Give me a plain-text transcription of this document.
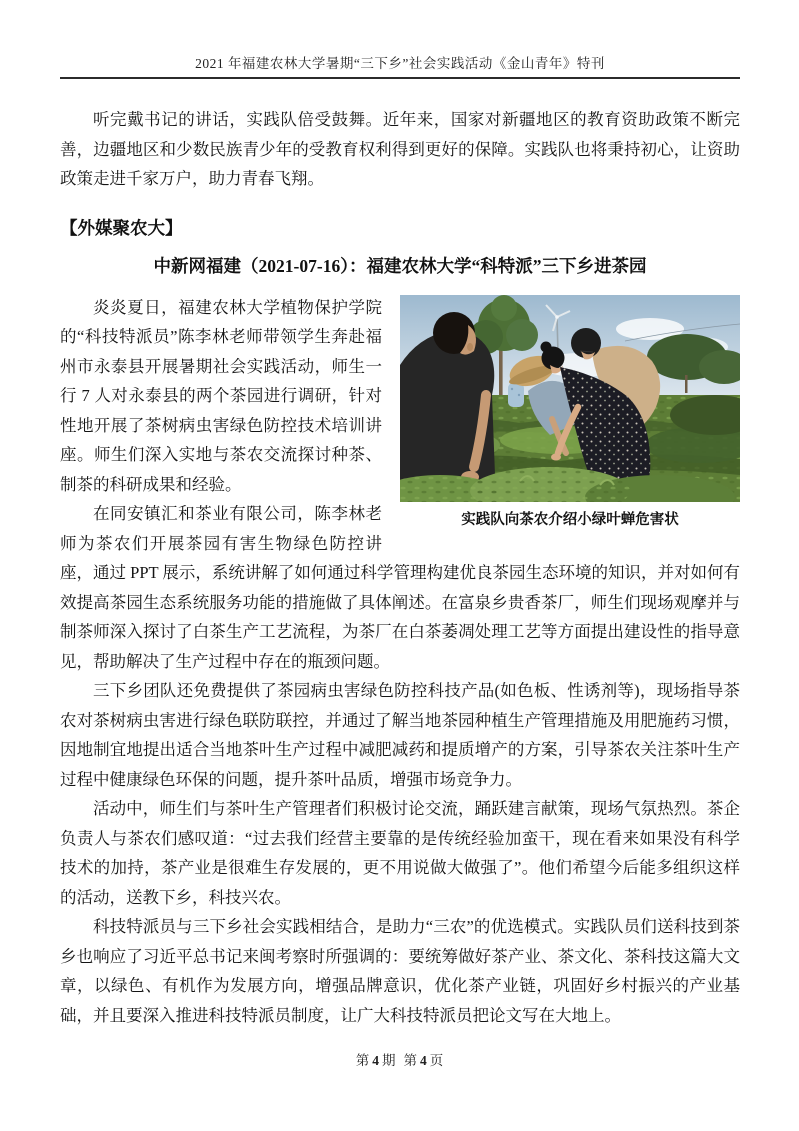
2021 年福建农林大学暑期“三下乡”社会实践活动《金山青年》特刊

听完戴书记的讲话，实践队倍受鼓舞。近年来，国家对新疆地区的教育资助政策不断完善，边疆地区和少数民族青少年的受教育权利得到更好的保障。实践队也将秉持初心，让资助政策走进千家万户，助力青春飞翔。

【外媒聚农大】
中新网福建（2021-07-16）：福建农林大学“科特派”三下乡进茶园
实践队向茶农介绍小绿叶蝉危害状

炎炎夏日，福建农林大学植物保护学院的“科技特派员”陈李林老师带领学生奔赴福州市永泰县开展暑期社会实践活动，师生一行 7 人对永泰县的两个茶园进行调研，针对性地开展了茶树病虫害绿色防控技术培训讲座。师生们深入实地与茶农交流探讨种茶、制茶的科研成果和经验。

在同安镇汇和茶业有限公司，陈李林老师为茶农们开展茶园有害生物绿色防控讲座，通过 PPT 展示，系统讲解了如何通过科学管理构建优良茶园生态环境的知识，并对如何有效提高茶园生态系统服务功能的措施做了具体阐述。在富泉乡贵香茶厂，师生们现场观摩并与制茶师深入探讨了白茶生产工艺流程，为茶厂在白茶萎凋处理工艺等方面提出建设性的指导意见，帮助解决了生产过程中存在的瓶颈问题。

三下乡团队还免费提供了茶园病虫害绿色防控科技产品(如色板、性诱剂等)，现场指导茶农对茶树病虫害进行绿色联防联控，并通过了解当地茶园种植生产管理措施及用肥施药习惯，因地制宜地提出适合当地茶叶生产过程中减肥减药和提质增产的方案，引导茶农关注茶叶生产过程中健康绿色环保的问题，提升茶叶品质，增强市场竞争力。

活动中，师生们与茶叶生产管理者们积极讨论交流，踊跃建言献策，现场气氛热烈。茶企负责人与茶农们感叹道：“过去我们经营主要靠的是传统经验加蛮干，现在看来如果没有科学技术的加持，茶产业是很难生存发展的，更不用说做大做强了”。他们希望今后能多组织这样的活动，送教下乡，科技兴农。

科技特派员与三下乡社会实践相结合，是助力“三农”的优选模式。实践队员们送科技到茶乡也响应了习近平总书记来闽考察时所强调的：要统筹做好茶产业、茶文化、茶科技这篇大文章，以绿色、有机作为发展方向，增强品牌意识，优化茶产业链，巩固好乡村振兴的产业基础，并且要深入推进科技特派员制度，让广大科技特派员把论文写在大地上。

第 4 期 第 4 页
